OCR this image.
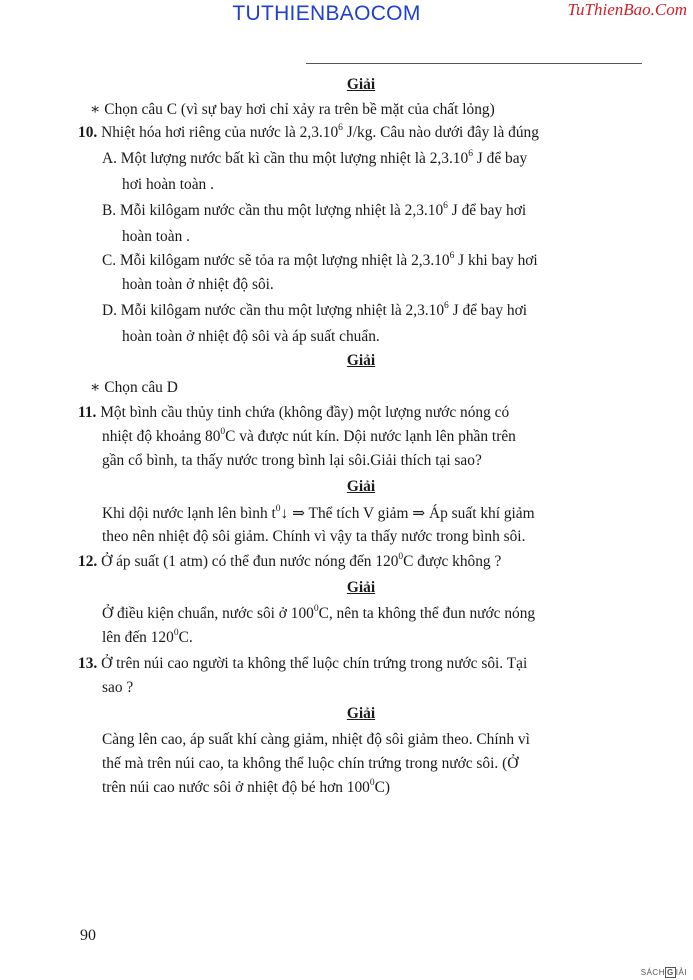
TUTHIENBAOCOM	TuThienBao.Com
Giải
∗ Chọn câu C (vì sự bay hơi chỉ xảy ra trên bề mặt của chất lỏng)
10. Nhiệt hóa hơi riêng của nước là 2,3.10$^6$ J/kg. Câu nào dưới đây là đúng
A. Một lượng nước bất kì cần thu một lượng nhiệt là 2,3.10$^6$ J để bay
hơi hoàn toàn .
B. Mỗi kilôgam nước cần thu một lượng nhiệt là 2,3.10$^6$ J để bay hơi
hoàn toàn .
C. Mỗi kilôgam nước sẽ tỏa ra một lượng nhiệt là 2,3.10$^6$ J khi bay hơi
hoàn toàn ở nhiệt độ sôi.
D. Mỗi kilôgam nước cần thu một lượng nhiệt là 2,3.10$^6$ J để bay hơi
hoàn toàn ở nhiệt độ sôi và áp suất chuẩn.
Giải
∗ Chọn câu D
11. Một bình cầu thủy tinh chứa (không đầy) một lượng nước nóng có
nhiệt độ khoảng $80^0C$ và được nút kín. Dội nước lạnh lên phần trên
gần cổ bình, ta thấy nước trong bình lại sôi.Giải thích tại sao?
Giải
Khi dội nước lạnh lên bình $t^0↓$ ⇒ Thể tích V giảm ⇒ Áp suất khí giảm
theo nên nhiệt độ sôi giảm. Chính vì vậy ta thấy nước trong bình sôi.
12. Ở áp suất (1 atm) có thể đun nước nóng đến $120^0C$ được không ?
Giải
Ở điều kiện chuẩn, nước sôi ở $100^0C$, nên ta không thể đun nước nóng
lên đến $120^0C$.
13. Ở trên núi cao người ta không thể luộc chín trứng trong nước sôi. Tại
sao ?
Giải
Càng lên cao, áp suất khí càng giảm, nhiệt độ sôi giảm theo. Chính vì
thế mà trên núi cao, ta không thể luộc chín trứng trong nước sôi. (Ở
trên núi cao nước sôi ở nhiệt độ bé hơn $100^0C$)
90
SÁCH G IẢI
